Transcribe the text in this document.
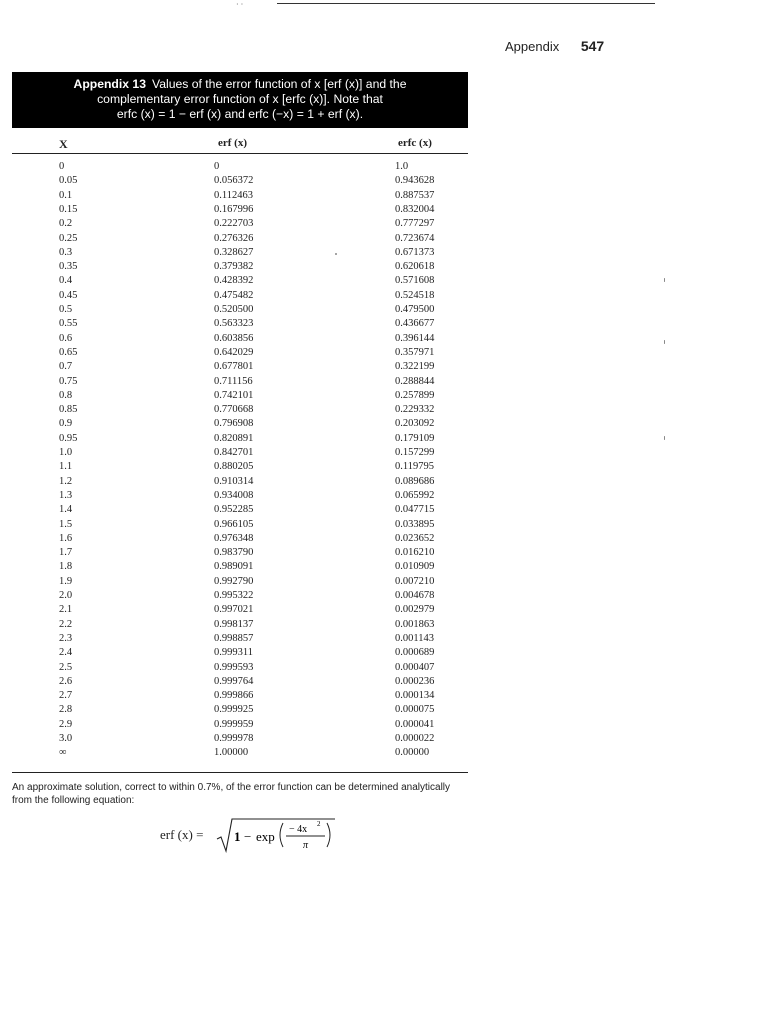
· ·
Appendix 547
Appendix 13 Values of the error function of x [erf (x)] and the
complementary error function of x [erfc (x)]. Note that
erfc (x) = 1 − erf (x) and erfc (−x) = 1 + erf (x).
X	erf (x)	erfc (x)
0	0	1.0
0.05	0.056372	0.943628
0.1	0.112463	0.887537
0.15	0.167996	0.832004
0.2	0.222703	0.777297
0.25	0.276326	0.723674
0.3	0.328627	0.671373
0.35	0.379382	0.620618
0.4	0.428392	0.571608
0.45	0.475482	0.524518
0.5	0.520500	0.479500
0.55	0.563323	0.436677
0.6	0.603856	0.396144
0.65	0.642029	0.357971
0.7	0.677801	0.322199
0.75	0.711156	0.288844
0.8	0.742101	0.257899
0.85	0.770668	0.229332
0.9	0.796908	0.203092
0.95	0.820891	0.179109
1.0	0.842701	0.157299
1.1	0.880205	0.119795
1.2	0.910314	0.089686
1.3	0.934008	0.065992
1.4	0.952285	0.047715
1.5	0.966105	0.033895
1.6	0.976348	0.023652
1.7	0.983790	0.016210
1.8	0.989091	0.010909
1.9	0.992790	0.007210
2.0	0.995322	0.004678
2.1	0.997021	0.002979
2.2	0.998137	0.001863
2.3	0.998857	0.001143
2.4	0.999311	0.000689
2.5	0.999593	0.000407
2.6	0.999764	0.000236
2.7	0.999866	0.000134
2.8	0.999925	0.000075
2.9	0.999959	0.000041
3.0	0.999978	0.000022
∞	1.00000	0.00000
An approximate solution, correct to within 0.7%, of the error function can be determined analytically
from the following equation:
erf (x) = 1 − exp − 4x 2
π
